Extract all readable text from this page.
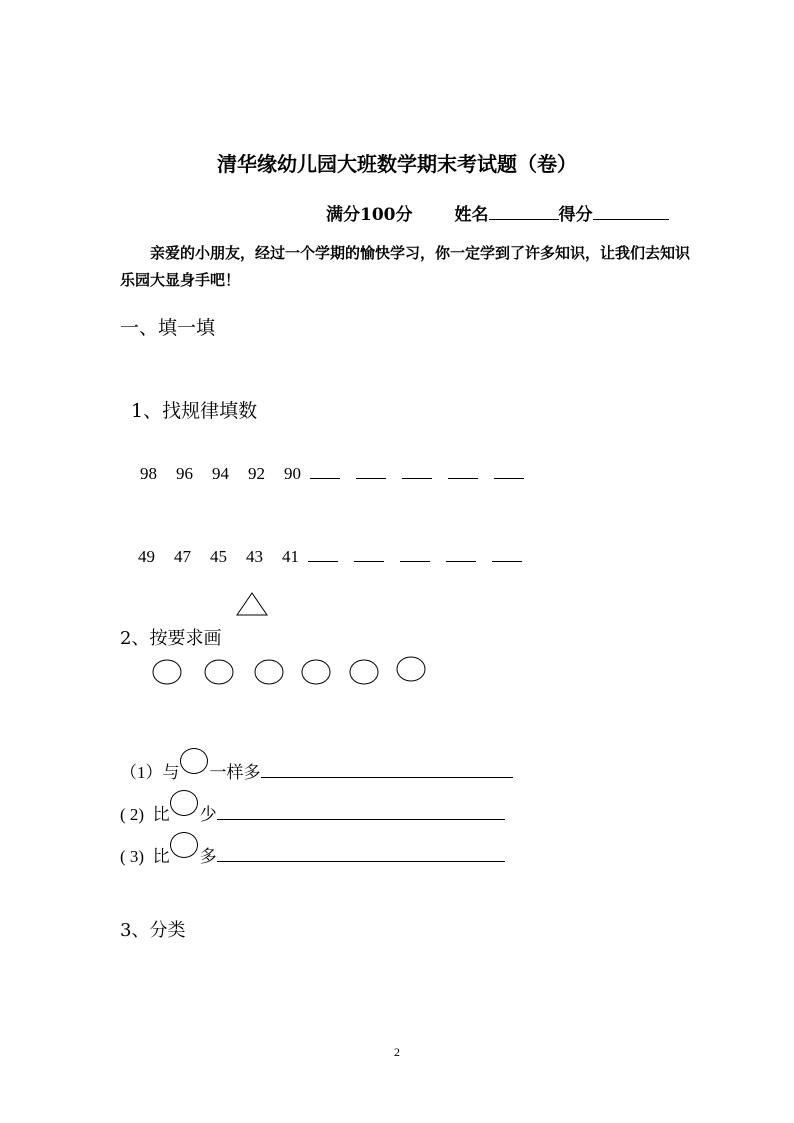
清华缘幼儿园大班数学期末考试题（卷）
满分100分 姓名	得分
亲爱的小朋友，经过一个学期的愉快学习，你一定学到了许多知识，让我们去知识乐园大显身手吧！
一、填一填
1、找规律填数
98 96 94 92 90
49 47 45 43 41
2、按要求画
（1）与 一样多
( 2)  比 少
( 3)  比 多
3、分类
2
